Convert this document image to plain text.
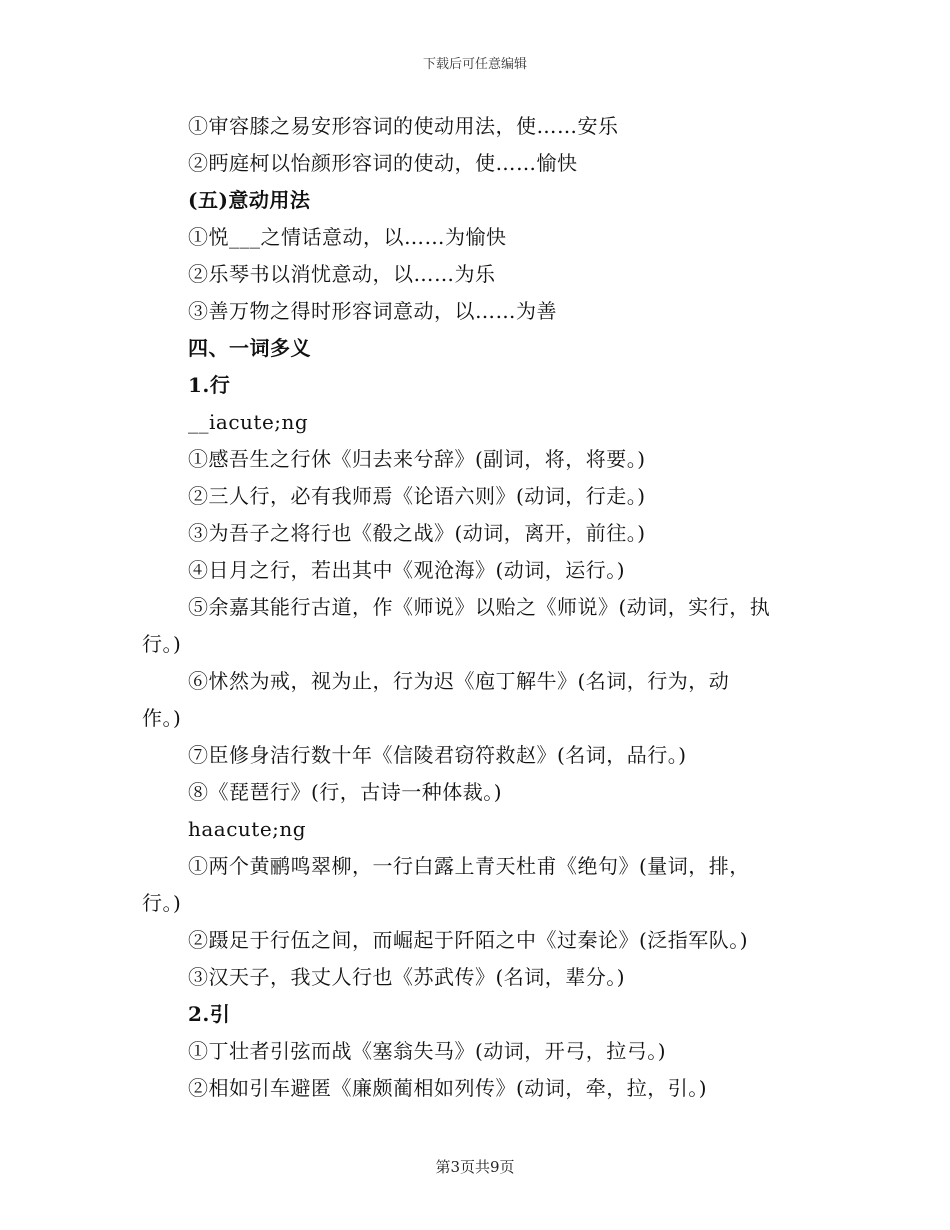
下载后可任意编辑
①审容膝之易安形容词的使动用法，使……安乐
②眄庭柯以怡颜形容词的使动，使……愉快
(五)意动用法
①悦___之情话意动，以……为愉快
②乐琴书以消忧意动，以……为乐
③善万物之得时形容词意动，以……为善
四、一词多义
1.行
__iacute;ng
①感吾生之行休《归去来兮辞》(副词，将，将要。)
②三人行，必有我师焉《论语六则》(动词，行走。)
③为吾子之将行也《殽之战》(动词，离开，前往。)
④日月之行，若出其中《观沧海》(动词，运行。)
⑤余嘉其能行古道，作《师说》以贻之《师说》(动词，实行，执
行。)
⑥怵然为戒，视为止，行为迟《庖丁解牛》(名词，行为，动
作。)
⑦臣修身洁行数十年《信陵君窃符救赵》(名词，品行。)
⑧《琵琶行》(行，古诗一种体裁。)
haacute;ng
①两个黄鹂鸣翠柳，一行白露上青天杜甫《绝句》(量词，排，
行。)
②蹑足于行伍之间，而崛起于阡陌之中《过秦论》(泛指军队。)
③汉天子，我丈人行也《苏武传》(名词，辈分。)
2.引
①丁壮者引弦而战《塞翁失马》(动词，开弓，拉弓。)
②相如引车避匿《廉颇蔺相如列传》(动词，牵，拉，引。)
第3页共9页
